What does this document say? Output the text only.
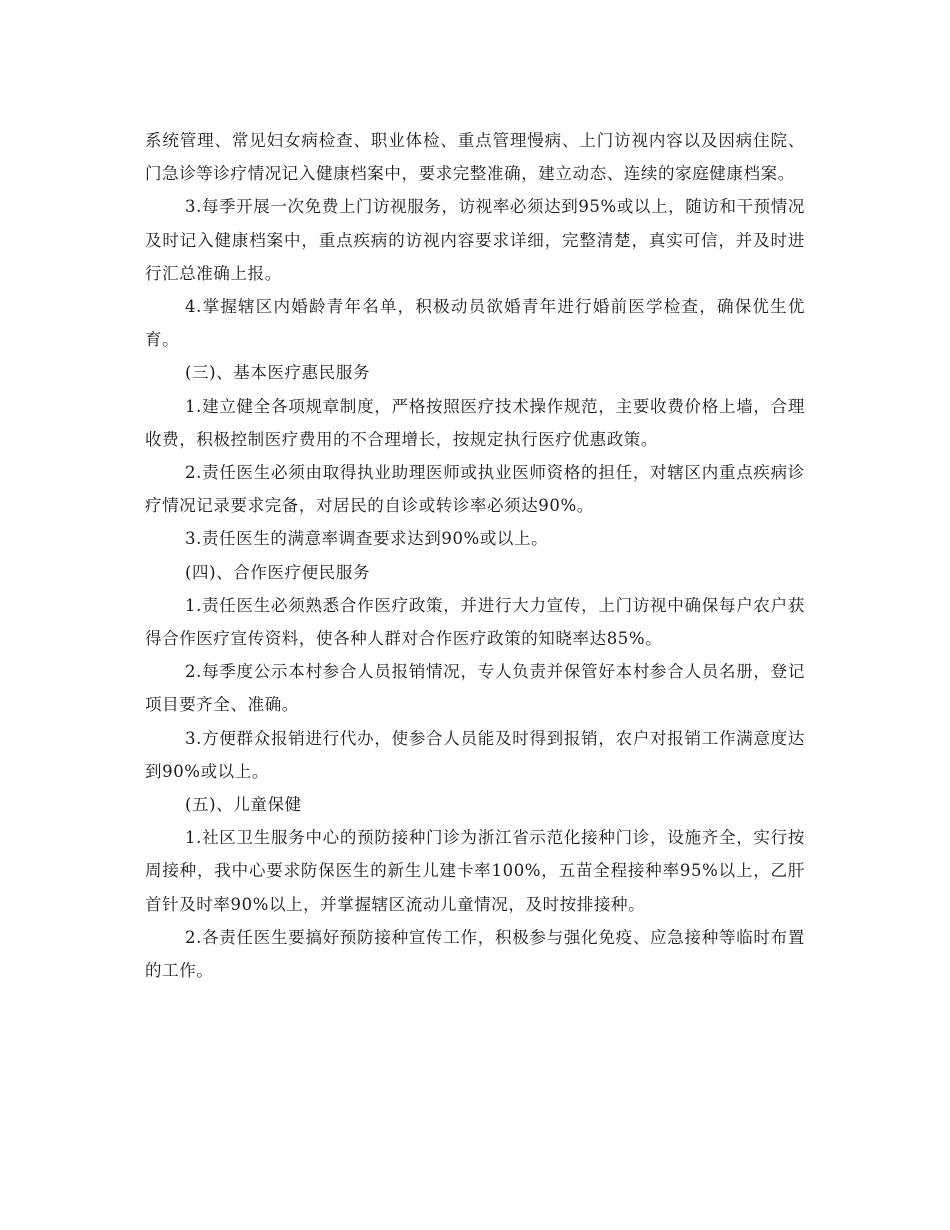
系统管理、常见妇女病检查、职业体检、重点管理慢病、上门访视内容以及因病住院、门急诊等诊疗情况记入健康档案中，要求完整准确，建立动态、连续的家庭健康档案。

3.每季开展一次免费上门访视服务，访视率必须达到95%或以上，随访和干预情况及时记入健康档案中，重点疾病的访视内容要求详细，完整清楚，真实可信，并及时进行汇总准确上报。

4.掌握辖区内婚龄青年名单，积极动员欲婚青年进行婚前医学检查，确保优生优育。

(三)、基本医疗惠民服务

1.建立健全各项规章制度，严格按照医疗技术操作规范，主要收费价格上墙，合理收费，积极控制医疗费用的不合理增长，按规定执行医疗优惠政策。

2.责任医生必须由取得执业助理医师或执业医师资格的担任，对辖区内重点疾病诊疗情况记录要求完备，对居民的自诊或转诊率必须达90%。

3.责任医生的满意率调查要求达到90%或以上。

(四)、合作医疗便民服务

1.责任医生必须熟悉合作医疗政策，并进行大力宣传，上门访视中确保每户农户获得合作医疗宣传资料，使各种人群对合作医疗政策的知晓率达85%。

2.每季度公示本村参合人员报销情况，专人负责并保管好本村参合人员名册，登记项目要齐全、准确。

3.方便群众报销进行代办，使参合人员能及时得到报销，农户对报销工作满意度达到90%或以上。

(五)、儿童保健

1.社区卫生服务中心的预防接种门诊为浙江省示范化接种门诊，设施齐全，实行按周接种，我中心要求防保医生的新生儿建卡率100%，五苗全程接种率95%以上，乙肝首针及时率90%以上，并掌握辖区流动儿童情况，及时按排接种。

2.各责任医生要搞好预防接种宣传工作，积极参与强化免疫、应急接种等临时布置的工作。
